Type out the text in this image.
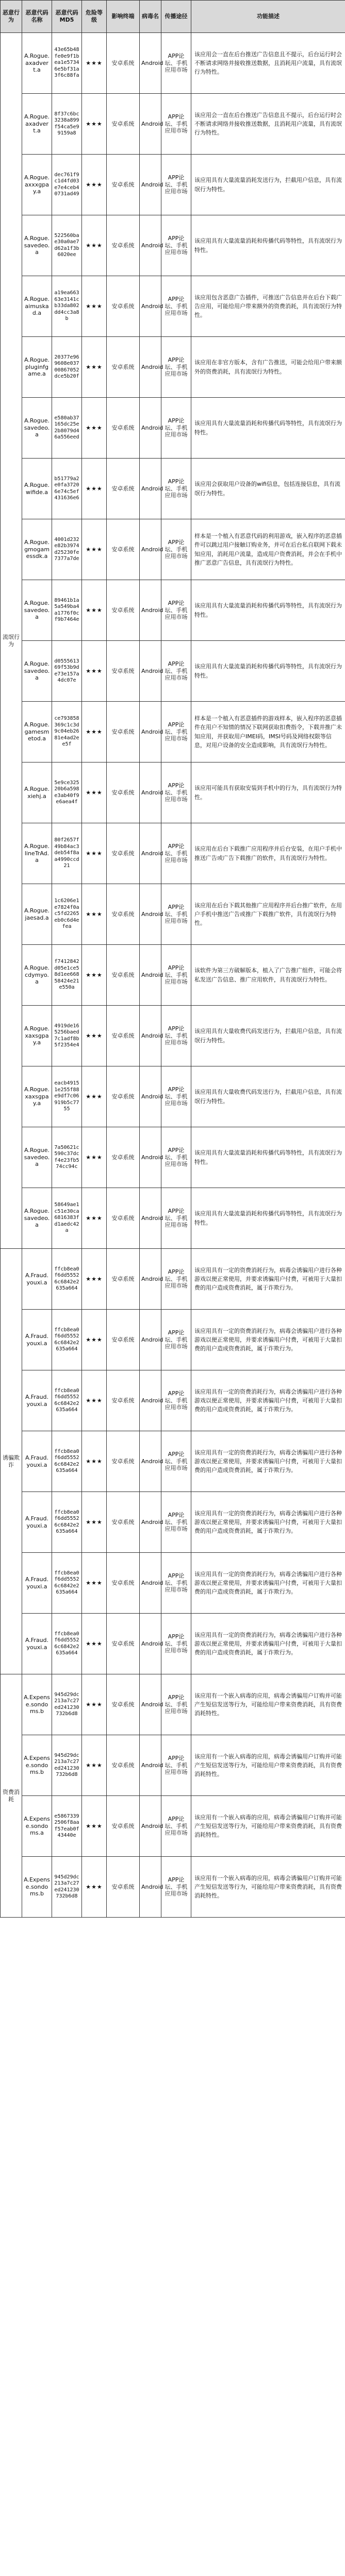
恶意行为	恶意代码名称	恶意代码MD5	危险等级	影响终端	病毒名	传播途径	功能描述
流氓行为	A.Rogue.axadvert.a	43e65b48fe0e9f1bea1e57346e5bf31a3f6c88fa	★★★	安卓系统	Android	APP论坛、手机应用市场	该应用会一直在后台推送广告信息且不提示，后台运行时会不断请求网络并接收推送数据，且消耗用户流量，具有流氓行为特性。
	A.Rogue.axadvert.a	8f37c6bc3238a899f54ca5e99159a8	★★★	安卓系统	Android	APP论坛、手机应用市场	该应用会一直在后台推送广告信息且不提示，后台运行时会不断请求网络并接收推送数据，且消耗用户流量，具有流氓行为特性。
	A.Rogue.axxxgpay.a	dec761f9c1d4fd03e7e4ceb40731ad49	★★★	安卓系统	Android	APP论坛、手机应用市场	该应用具有大量流量消耗发送行为，拦截用户信息，具有流氓行为特性。
	A.Rogue.savedeo.a	522560bae30a0ae7d62a1f3b6020ee	★★★	安卓系统	Android	APP论坛、手机应用市场	该应用具有大量流量消耗和传播代码等特性，具有流氓行为特性。
	A.Rogue.aimuskad.a	a19ea66363e3141cb33da802dd4cc3a8b	★★★	安卓系统	Android	APP论坛、手机应用市场	该应用包含恶意广告插件，可推送广告信息并在后台下载广告应用，可能给用户带来额外的资费消耗，具有流氓行为特性。
	A.Rogue.pluginfgame.a	20377e969608e03700867052dce5b20f	★★★	安卓系统	Android	APP论坛、手机应用市场	该应用在非官方版本，含有广告推送，可能会给用户带来额外的资费消耗，具有流氓行为特性。
	A.Rogue.savedeo.a	e580ab37165dc25e2b8079d46a556eed	★★★	安卓系统	Android	APP论坛、手机应用市场	该应用具有大量流量消耗和传播代码等特性，具有流氓行为特性。
	A.Rogue.wifide.a	b51779a2e0fa37206e74c5ef431636e6	★★★	安卓系统	Android	APP论坛、手机应用市场	该应用会获取用户设备的wifi信息，包括连接信息，具有流氓行为特性。
	A.Rogue.gmogamessdk.a	4001d232e82b3974d25230fe7377a7de	★★★	安卓系统	Android	APP论坛、手机应用市场	样本是一个植入有恶意代码的利用游戏，嵌入程序的恶意插件可以跳过用户接触订购业务，并可在后台私自联网下载未知应用，消耗用户流量，造成用户资费消耗，并会在手机中推广恶意广告信息，具有流氓行为特性。
	A.Rogue.savedeo.a	89461b1a5a549ba4a1776f0cf9b7464e	★★★	安卓系统	Android	APP论坛、手机应用市场	该应用具有大量流量消耗和传播代码等特性，具有流氓行为特性。
	A.Rogue.savedeo.a	d055561369f53b9de73e157a4dc07e	★★★	安卓系统	Android	APP论坛、手机应用市场	该应用具有大量流量消耗和传播代码等特性，具有流氓行为特性。
	A.Rogue.gamesmetod.a	ce793858369c1c3d9c04eb2681e4ad2ee5f	★★★	安卓系统	Android	APP论坛、手机应用市场	样本是一个植入有恶意插件的游戏样本，嵌入程序的恶意插件在用户不知情的情况下联网获取扣费指令，下载并推广未知应用，并获取用户IMEI码，IMSI号码及网络权限等信息，对用户设备的安全造成影响，具有流氓行为特性。
	A.Rogue.xiehj.a	5e9ce32520b6a598e3ab40f9e6aea4f	★★★	安卓系统	Android	APP论坛、手机应用市场	该应用可能具有获取安装到手机中的行为，具有流氓行为特性。
	A.Rogue.lineTrAd.a	80f2657f49b84ac3deb54f8aa4990ccd21	★★★	安卓系统	Android	APP论坛、手机应用市场	该应用在后台下载推广应用程序并后台安装，在用户手机中推送广告或广告下载推广的软件，具有流氓行为特性。
	A.Rogue.jaesad.a	1c6206e1e7824f0ac5fd2265eb0c6d4efea	★★★	安卓系统	Android	APP论坛、手机应用市场	该应用在后台下载其他推广应用程序并后台推广软件，在用户手机中推送广告或推广下载推广软件，具有流氓行为特性。
	A.Rogue.cdymyo.a	f7412842d05e1ce58d1ee66858424e21e550a	★★★	安卓系统	Android	APP论坛、手机应用市场	该软件为第三方破解版本，植入了广告推广组件，可能会将私发送广告信息、推广应用软件，具有流氓行为特性。
	A.Rogue.xaxsgpay.a	4919de165256baed7c1adf8b5f2354e4	★★★	安卓系统	Android	APP论坛、手机应用市场	该应用具有大量收费代码发送行为，拦截用户信息，具有流氓行为特性。
	A.Rogue.xaxsgpay.a	eacb49151e255f88e9df7c06919b5c7755	★★★	安卓系统	Android	APP论坛、手机应用市场	该应用具有大量收费代码发送行为，拦截用户信息，具有流氓行为特性。
	A.Rogue.savedeo.a	7a50621c590c37dcf4e23fb574cc94c	★★★	安卓系统	Android	APP论坛、手机应用市场	该应用具有大量流量消耗和传播代码等特性，具有流氓行为特性。
	A.Rogue.savedeo.a	58649ae1c51e30ca6816383fd1aedc42a	★★★	安卓系统	Android	APP论坛、手机应用市场	该应用具有大量流量消耗和传播代码等特性，具有流氓行为特性。
诱骗欺诈	A.Fraud.youxi.a	ffcb8ea0f6dd55526c6842e2635a664	★★★	安卓系统	Android	APP论坛、手机应用市场	该应用具有一定的资费消耗行为，病毒会诱骗用户进行各种游戏以便正常使用，并要求诱骗用户付费，可被用于大量扣费的用户造成资费消耗，属于诈欺行为。
	A.Fraud.youxi.a	ffcb8ea0f6dd55526c6842e2635a664	★★★	安卓系统	Android	APP论坛、手机应用市场	该应用具有一定的资费消耗行为，病毒会诱骗用户进行各种游戏以便正常使用，并要求诱骗用户付费，可被用于大量扣费的用户造成资费消耗，属于诈欺行为。
	A.Fraud.youxi.a	ffcb8ea0f6dd55526c6842e2635a664	★★★	安卓系统	Android	APP论坛、手机应用市场	该应用具有一定的资费消耗行为，病毒会诱骗用户进行各种游戏以便正常使用，并要求诱骗用户付费，可被用于大量扣费的用户造成资费消耗，属于诈欺行为。
	A.Fraud.youxi.a	ffcb8ea0f6dd55526c6842e2635a664	★★★	安卓系统	Android	APP论坛、手机应用市场	该应用具有一定的资费消耗行为，病毒会诱骗用户进行各种游戏以便正常使用，并要求诱骗用户付费，可被用于大量扣费的用户造成资费消耗，属于诈欺行为。
	A.Fraud.youxi.a	ffcb8ea0f6dd55526c6842e2635a664	★★★	安卓系统	Android	APP论坛、手机应用市场	该应用具有一定的资费消耗行为，病毒会诱骗用户进行各种游戏以便正常使用，并要求诱骗用户付费，可被用于大量扣费的用户造成资费消耗，属于诈欺行为。
	A.Fraud.youxi.a	ffcb8ea0f6dd55526c6842e2635a664	★★★	安卓系统	Android	APP论坛、手机应用市场	该应用具有一定的资费消耗行为，病毒会诱骗用户进行各种游戏以便正常使用，并要求诱骗用户付费，可被用于大量扣费的用户造成资费消耗，属于诈欺行为。
	A.Fraud.youxi.a	ffcb8ea0f6dd55526c6842e2635a664	★★★	安卓系统	Android	APP论坛、手机应用市场	该应用具有一定的资费消耗行为，病毒会诱骗用户进行各种游戏以便正常使用，并要求诱骗用户付费，可被用于大量扣费的用户造成资费消耗，属于诈欺行为。
资费消耗	A.Expense.sondoms.b	945d29dc213a7c27ed241230732b6d8	★★★	安卓系统	Android	APP论坛、手机应用市场	该应用有一个嵌入病毒的应用，病毒会诱骗用户订购并可能产生短信发送等行为，可能给用户带来资费消耗，具有资费消耗特性。
	A.Expense.sondoms.b	945d29dc213a7c27ed241230732b6d8	★★★	安卓系统	Android	APP论坛、手机应用市场	该应用有一个嵌入病毒的应用，病毒会诱骗用户订购并可能产生短信发送等行为，可能给用户带来资费消耗，具有资费消耗特性。
	A.Expense.sondoms.a	e58673392506f8aaf57eab0f43440e	★★★	安卓系统	Android	APP论坛、手机应用市场	该应用有一个嵌入病毒的应用，病毒会诱骗用户订购并可能产生短信发送等行为，可能给用户带来资费消耗，具有资费消耗特性。
	A.Expense.sondoms.b	945d29dc213a7c27ed241230732b6d8	★★★	安卓系统	Android	APP论坛、手机应用市场	该应用有一个嵌入病毒的应用，病毒会诱骗用户订购并可能产生短信发送等行为，可能给用户带来资费消耗，具有资费消耗特性。
